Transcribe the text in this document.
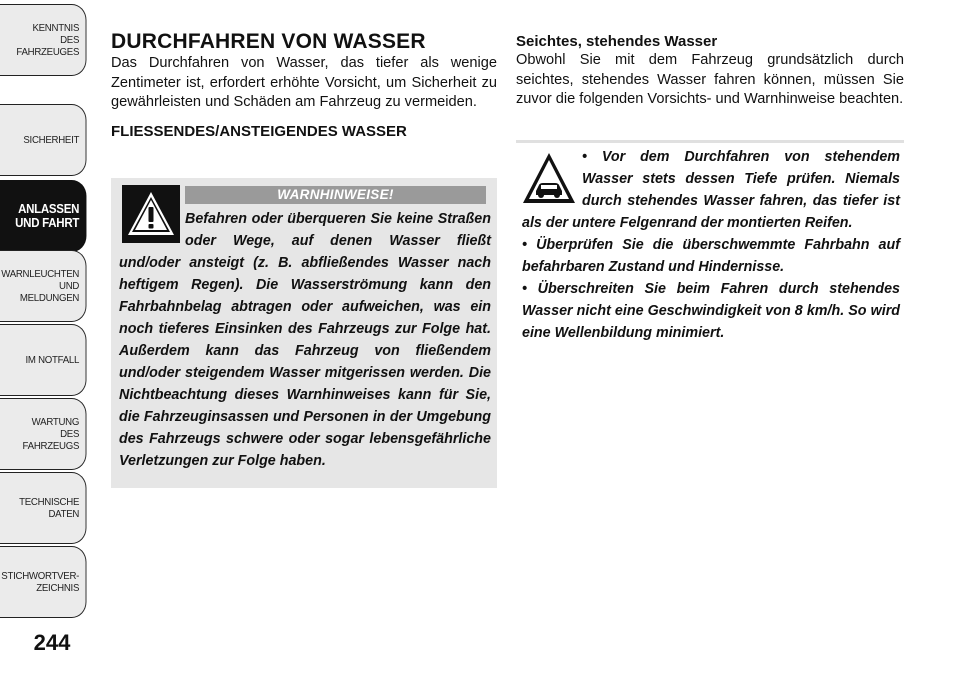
KENNTNIS
DES
FAHRZEUGES
SICHERHEIT
ANLASSEN
UND FAHRT
WARNLEUCHTEN
UND
MELDUNGEN
IM NOTFALL
WARTUNG
DES
FAHRZEUGS
TECHNISCHE
DATEN
STICHWORTVER-
ZEICHNIS
244
DURCHFAHREN VON WASSER

Das Durchfahren von Wasser, das tiefer als wenige Zentimeter ist, erfordert erhöhte Vorsicht, um Sicherheit zu gewährleisten und Schäden am Fahrzeug zu vermeiden.

FLIESSENDES/ANSTEIGENDES WASSER
WARNHINWEISE!
Befahren oder überqueren Sie keine Straßen oder Wege, auf denen Wasser fließt und/oder ansteigt (z. B. abfließendes Wasser nach heftigem Regen). Die Wasserströmung kann den Fahrbahnbelag abtragen oder aufweichen, was ein noch tieferes Einsinken des Fahrzeugs zur Folge hat. Außerdem kann das Fahrzeug von fließendem und/oder steigendem Wasser mitgerissen werden. Die Nichtbeachtung dieses Warnhinweises kann für Sie, die Fahrzeuginsassen und Personen in der Umgebung des Fahrzeugs schwere oder sogar lebensgefährliche Verletzungen zur Folge haben.
Seichtes, stehendes Wasser

Obwohl Sie mit dem Fahrzeug grundsätzlich durch seichtes, stehendes Wasser fahren können, müssen Sie zuvor die folgenden Vorsichts- und Warnhinweise beachten.

• Vor dem Durchfahren von stehendem Wasser stets dessen Tiefe prüfen. Niemals durch stehendes Wasser fahren, das tiefer ist als der untere Felgenrand der montierten Reifen.
• Überprüfen Sie die überschwemmte Fahrbahn auf befahrbaren Zustand und Hindernisse.
• Überschreiten Sie beim Fahren durch stehendes Wasser nicht eine Geschwindigkeit von 8 km/h. So wird eine Wellenbildung minimiert.
